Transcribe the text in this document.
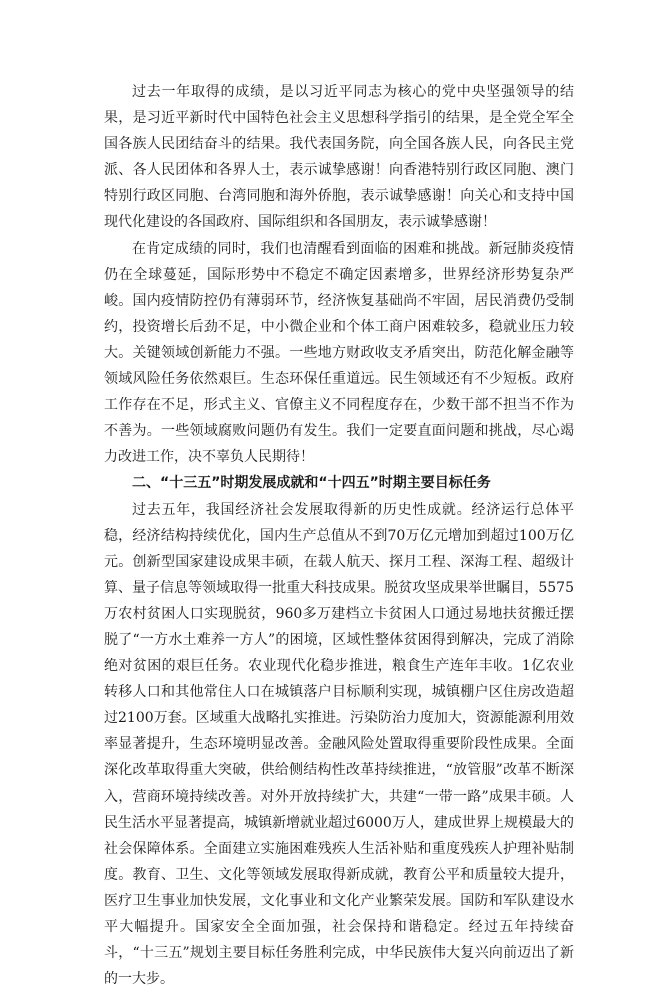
过去一年取得的成绩，是以习近平同志为核心的党中央坚强领导的结果，是习近平新时代中国特色社会主义思想科学指引的结果，是全党全军全国各族人民团结奋斗的结果。我代表国务院，向全国各族人民，向各民主党派、各人民团体和各界人士，表示诚挚感谢！向香港特别行政区同胞、澳门特别行政区同胞、台湾同胞和海外侨胞，表示诚挚感谢！向关心和支持中国现代化建设的各国政府、国际组织和各国朋友，表示诚挚感谢！

在肯定成绩的同时，我们也清醒看到面临的困难和挑战。新冠肺炎疫情仍在全球蔓延，国际形势中不稳定不确定因素增多，世界经济形势复杂严峻。国内疫情防控仍有薄弱环节，经济恢复基础尚不牢固，居民消费仍受制约，投资增长后劲不足，中小微企业和个体工商户困难较多，稳就业压力较大。关键领域创新能力不强。一些地方财政收支矛盾突出，防范化解金融等领域风险任务依然艰巨。生态环保任重道远。民生领域还有不少短板。政府工作存在不足，形式主义、官僚主义不同程度存在，少数干部不担当不作为不善为。一些领域腐败问题仍有发生。我们一定要直面问题和挑战，尽心竭力改进工作，决不辜负人民期待！

二、“十三五”时期发展成就和“十四五”时期主要目标任务

过去五年，我国经济社会发展取得新的历史性成就。经济运行总体平稳，经济结构持续优化，国内生产总值从不到70万亿元增加到超过100万亿元。创新型国家建设成果丰硕，在载人航天、探月工程、深海工程、超级计算、量子信息等领域取得一批重大科技成果。脱贫攻坚成果举世瞩目，5575万农村贫困人口实现脱贫，960多万建档立卡贫困人口通过易地扶贫搬迁摆脱了“一方水土难养一方人”的困境，区域性整体贫困得到解决，完成了消除绝对贫困的艰巨任务。农业现代化稳步推进，粮食生产连年丰收。1亿农业转移人口和其他常住人口在城镇落户目标顺利实现，城镇棚户区住房改造超过2100万套。区域重大战略扎实推进。污染防治力度加大，资源能源利用效率显著提升，生态环境明显改善。金融风险处置取得重要阶段性成果。全面深化改革取得重大突破，供给侧结构性改革持续推进，“放管服”改革不断深入，营商环境持续改善。对外开放持续扩大，共建“一带一路”成果丰硕。人民生活水平显著提高，城镇新增就业超过6000万人，建成世界上规模最大的社会保障体系。全面建立实施困难残疾人生活补贴和重度残疾人护理补贴制度。教育、卫生、文化等领域发展取得新成就，教育公平和质量较大提升，医疗卫生事业加快发展，文化事业和文化产业繁荣发展。国防和军队建设水平大幅提升。国家安全全面加强，社会保持和谐稳定。经过五年持续奋斗，“十三五”规划主要目标任务胜利完成，中华民族伟大复兴向前迈出了新的一大步。
